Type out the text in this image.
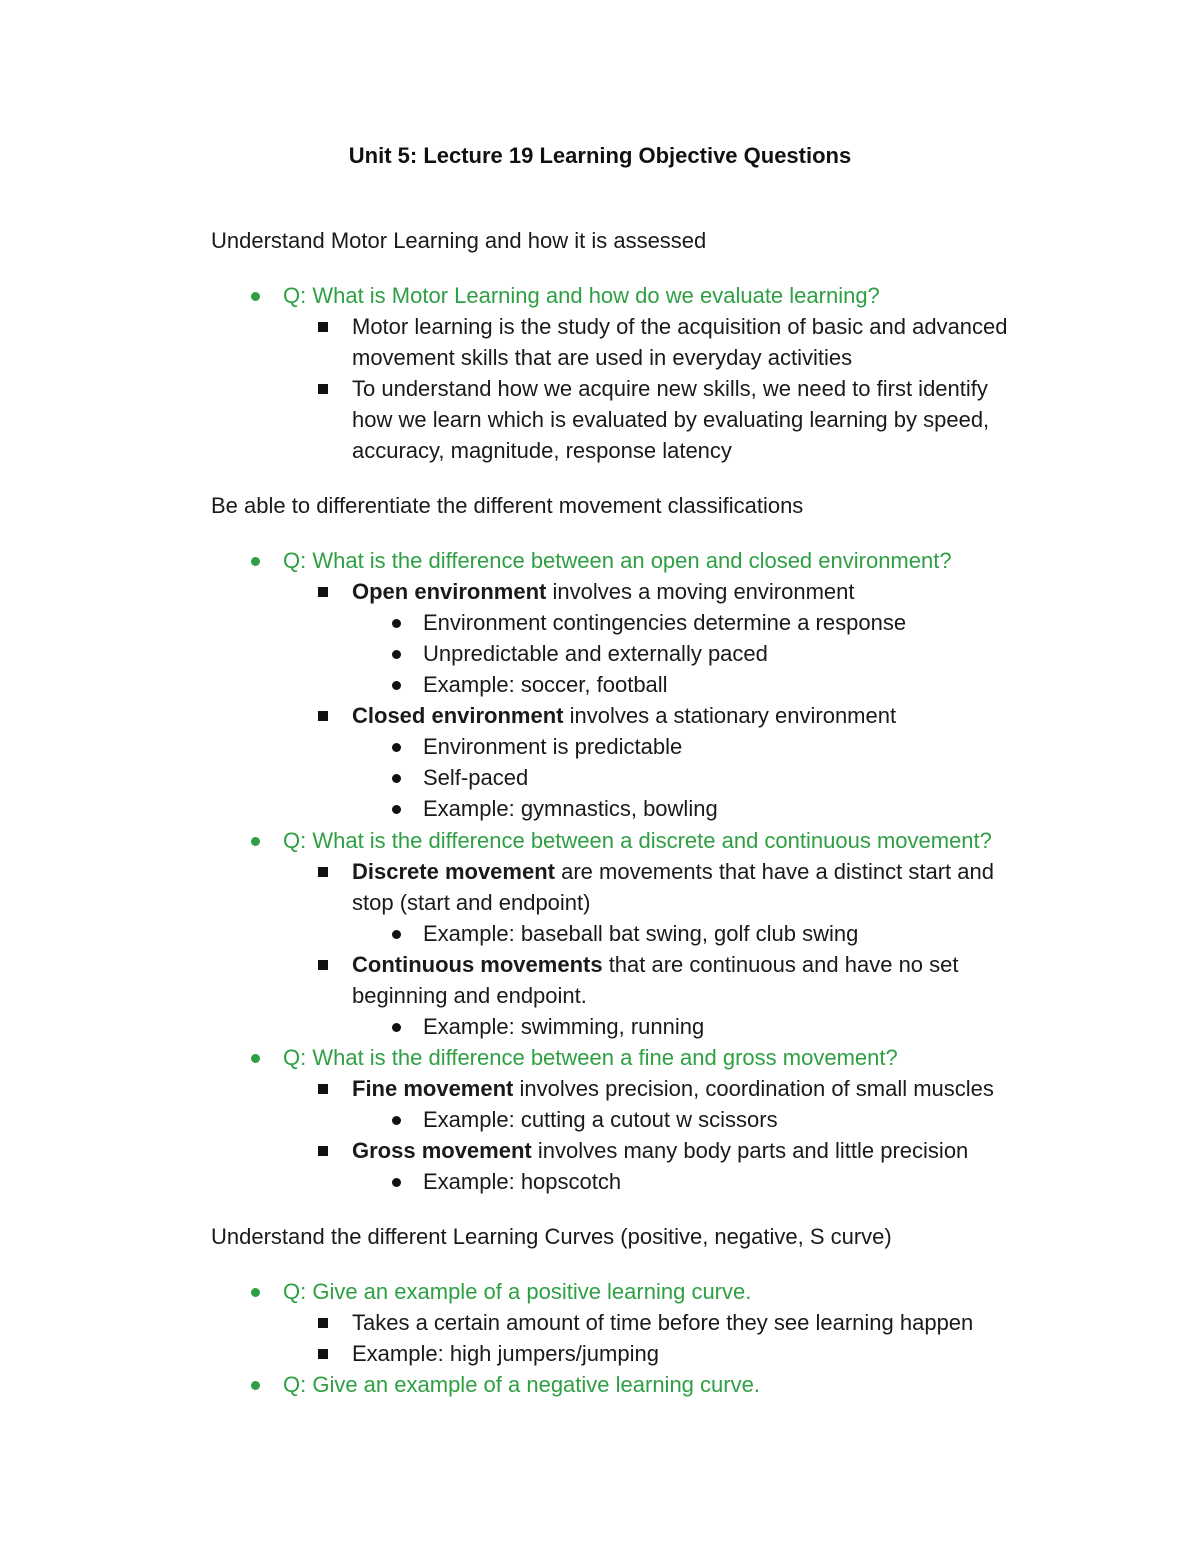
Unit 5: Lecture 19 Learning Objective Questions
Understand Motor Learning and how it is assessed
Q: What is Motor Learning and how do we evaluate learning?
Motor learning is the study of the acquisition of basic and advanced
movement skills that are used in everyday activities
To understand how we acquire new skills, we need to first identify
how we learn which is evaluated by evaluating learning by speed,
accuracy, magnitude, response latency
Be able to differentiate the different movement classifications
Q: What is the difference between an open and closed environment?
Open environment involves a moving environment
Environment contingencies determine a response
Unpredictable and externally paced
Example: soccer, football
Closed environment involves a stationary environment
Environment is predictable
Self-paced
Example: gymnastics, bowling
Q: What is the difference between a discrete and continuous movement?
Discrete movement are movements that have a distinct start and
stop (start and endpoint)
Example: baseball bat swing, golf club swing
Continuous movements that are continuous and have no set
beginning and endpoint.
Example: swimming, running
Q: What is the difference between a fine and gross movement?
Fine movement involves precision, coordination of small muscles
Example: cutting a cutout w scissors
Gross movement involves many body parts and little precision
Example: hopscotch
Understand the different Learning Curves (positive, negative, S curve)
Q: Give an example of a positive learning curve.
Takes a certain amount of time before they see learning happen
Example: high jumpers/jumping
Q: Give an example of a negative learning curve.
